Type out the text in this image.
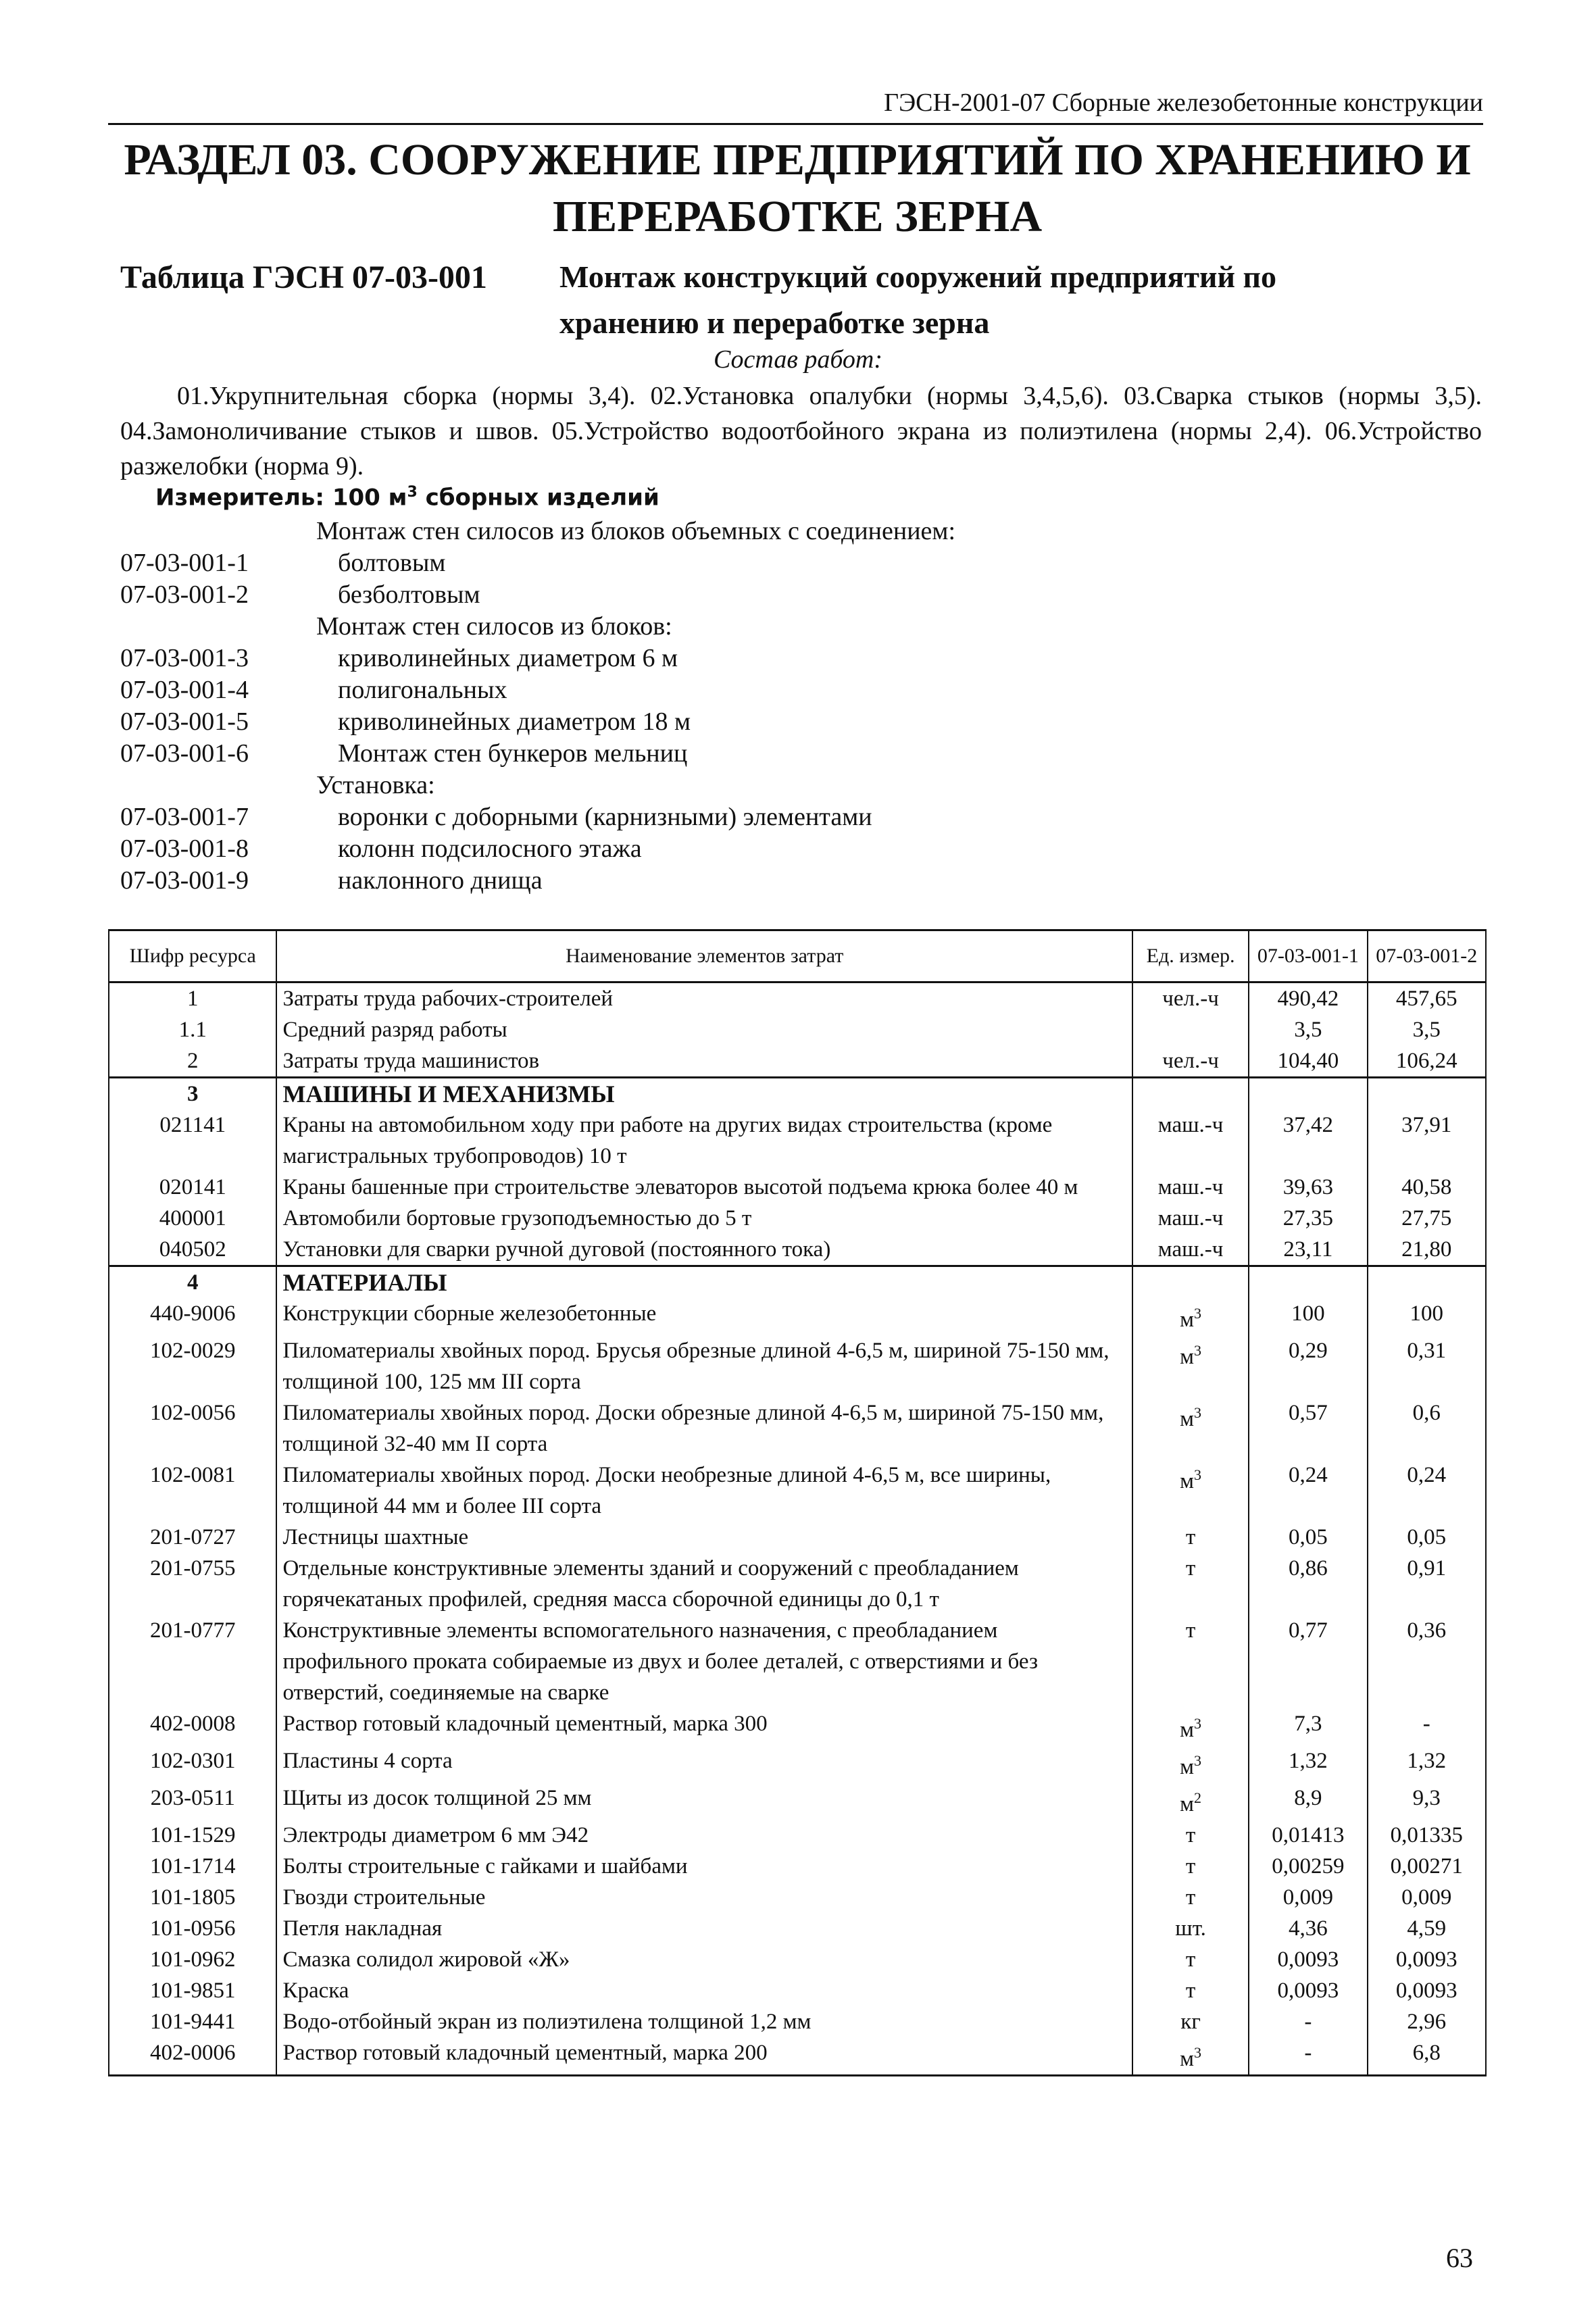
ГЭСН-2001-07 Сборные железобетонные конструкции
РАЗДЕЛ 03. СООРУЖЕНИЕ ПРЕДПРИЯТИЙ ПО ХРАНЕНИЮ И ПЕРЕРАБОТКЕ ЗЕРНА
Таблица ГЭСН 07-03-001 Монтаж конструкций сооружений предприятий по хранению и переработке зерна
Состав работ:
01.Укрупнительная сборка (нормы 3,4). 02.Установка опалубки (нормы 3,4,5,6). 03.Сварка стыков (нормы 3,5). 04.Замоноличивание стыков и швов. 05.Устройство водоотбойного экрана из полиэтилена (нормы 2,4). 06.Устройство разжелобки (норма 9).
Измеритель: 100 $м^3$ сборных изделий
Монтаж стен силосов из блоков объемных с соединением:
07-03-001-1	болтовым
07-03-001-2	безболтовым
Монтаж стен силосов из блоков:
07-03-001-3	криволинейных диаметром 6 м
07-03-001-4	полигональных
07-03-001-5	криволинейных диаметром 18 м
07-03-001-6	Монтаж стен бункеров мельниц
Установка:
07-03-001-7	воронки с доборными (карнизными) элементами
07-03-001-8	колонн подсилосного этажа
07-03-001-9	наклонного днища
Шифр ресурса	Наименование элементов затрат	Ед. измер.	07-03-001-1	07-03-001-2
1	Затраты труда рабочих-строителей	чел.-ч	490,42	457,65
1.1	Средний разряд работы		3,5	3,5
2	Затраты труда машинистов	чел.-ч	104,40	106,24
3	МАШИНЫ И МЕХАНИЗМЫ			
021141	Краны на автомобильном ходу при работе на других видах строительства (кроме магистральных трубопроводов) 10 т	маш.-ч	37,42	37,91
020141	Краны башенные при строительстве элеваторов высотой подъема крюка более 40 м	маш.-ч	39,63	40,58
400001	Автомобили бортовые грузоподъемностью до 5 т	маш.-ч	27,35	27,75
040502	Установки для сварки ручной дуговой (постоянного тока)	маш.-ч	23,11	21,80
4	МАТЕРИАЛЫ			
440-9006	Конструкции сборные железобетонные	$м^3$	100	100
102-0029	Пиломатериалы хвойных пород. Брусья обрезные длиной 4-6,5 м, шириной 75-150 мм, толщиной 100, 125 мм III сорта	$м^3$	0,29	0,31
102-0056	Пиломатериалы хвойных пород. Доски обрезные длиной 4-6,5 м, шириной 75-150 мм, толщиной 32-40 мм II сорта	$м^3$	0,57	0,6
102-0081	Пиломатериалы хвойных пород. Доски необрезные длиной 4-6,5 м, все ширины, толщиной 44 мм и более III сорта	$м^3$	0,24	0,24
201-0727	Лестницы шахтные	т	0,05	0,05
201-0755	Отдельные конструктивные элементы зданий и сооружений с преобладанием горячекатаных профилей, средняя масса сборочной единицы до 0,1 т	т	0,86	0,91
201-0777	Конструктивные элементы вспомогательного назначения, с преобладанием профильного проката собираемые из двух и более деталей, с отверстиями и без отверстий, соединяемые на сварке	т	0,77	0,36
402-0008	Раствор готовый кладочный цементный, марка 300	$м^3$	7,3	-
102-0301	Пластины 4 сорта	$м^3$	1,32	1,32
203-0511	Щиты из досок толщиной 25 мм	$м^2$	8,9	9,3
101-1529	Электроды диаметром 6 мм Э42	т	0,01413	0,01335
101-1714	Болты строительные с гайками и шайбами	т	0,00259	0,00271
101-1805	Гвозди строительные	т	0,009	0,009
101-0956	Петля накладная	шт.	4,36	4,59
101-0962	Смазка солидол жировой «Ж»	т	0,0093	0,0093
101-9851	Краска	т	0,0093	0,0093
101-9441	Водо-отбойный экран из полиэтилена толщиной 1,2 мм	кг	-	2,96
402-0006	Раствор готовый кладочный цементный, марка 200	$м^3$	-	6,8
63
